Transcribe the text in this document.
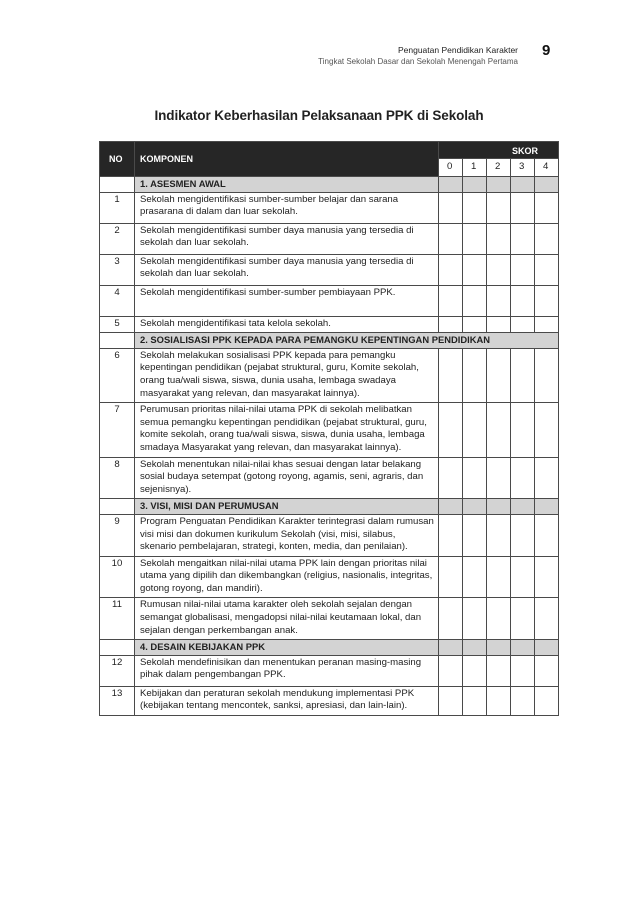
Penguatan Pendidikan Karakter
Tingkat Sekolah Dasar dan Sekolah Menengah Pertama
9
Indikator Keberhasilan Pelaksanaan PPK di Sekolah
NO	KOMPONEN	SKOR				
		0	1	2	3	4
	1. ASESMEN AWAL					
1	Sekolah mengidentifikasi sumber-sumber belajar dan sarana prasarana di dalam dan luar sekolah.					
2	Sekolah mengidentifikasi sumber daya manusia yang tersedia di sekolah dan luar sekolah.					
3	Sekolah mengidentifikasi sumber daya manusia yang tersedia di sekolah dan luar sekolah.					
4	Sekolah mengidentifikasi sumber-sumber pembiayaan PPK.					
5	Sekolah mengidentifikasi tata kelola sekolah.					
	2. SOSIALISASI PPK KEPADA PARA PEMANGKU KEPENTINGAN PENDIDIKAN					
6	Sekolah melakukan sosialisasi PPK kepada para pemangku kepentingan pendidikan (pejabat struktural, guru, Komite sekolah, orang tua/wali siswa, siswa, dunia usaha, lembaga swadaya masyarakat yang relevan, dan masyarakat lainnya).					
7	Perumusan prioritas nilai-nilai utama PPK di sekolah melibatkan semua pemangku kepentingan pendidikan (pejabat struktural, guru, komite sekolah, orang tua/wali siswa, siswa, dunia usaha, lembaga smadaya Masyarakat yang relevan, dan masyarakat lainnya).					
8	Sekolah menentukan nilai-nilai khas sesuai dengan latar belakang sosial budaya setempat (gotong royong, agamis, seni, agraris, dan sejenisnya).					
	3. VISI, MISI DAN PERUMUSAN					
9	Program Penguatan Pendidikan Karakter terintegrasi dalam rumusan visi misi dan dokumen kurikulum Sekolah (visi, misi, silabus, skenario pembelajaran, strategi, konten, media, dan penilaian).					
10	Sekolah mengaitkan nilai-nilai utama PPK lain dengan prioritas nilai utama yang dipilih dan dikembangkan (religius, nasionalis, integritas, gotong royong, dan mandiri).					
11	Rumusan nilai-nilai utama karakter oleh sekolah sejalan dengan semangat globalisasi, mengadopsi nilai-nilai keutamaan lokal, dan sejalan dengan perkembangan anak.					
	4. DESAIN KEBIJAKAN PPK					
12	Sekolah mendefinisikan dan menentukan peranan masing-masing pihak dalam pengembangan PPK.					
13	Kebijakan dan peraturan sekolah mendukung implementasi PPK (kebijakan tentang mencontek, sanksi, apresiasi, dan lain-lain).					
